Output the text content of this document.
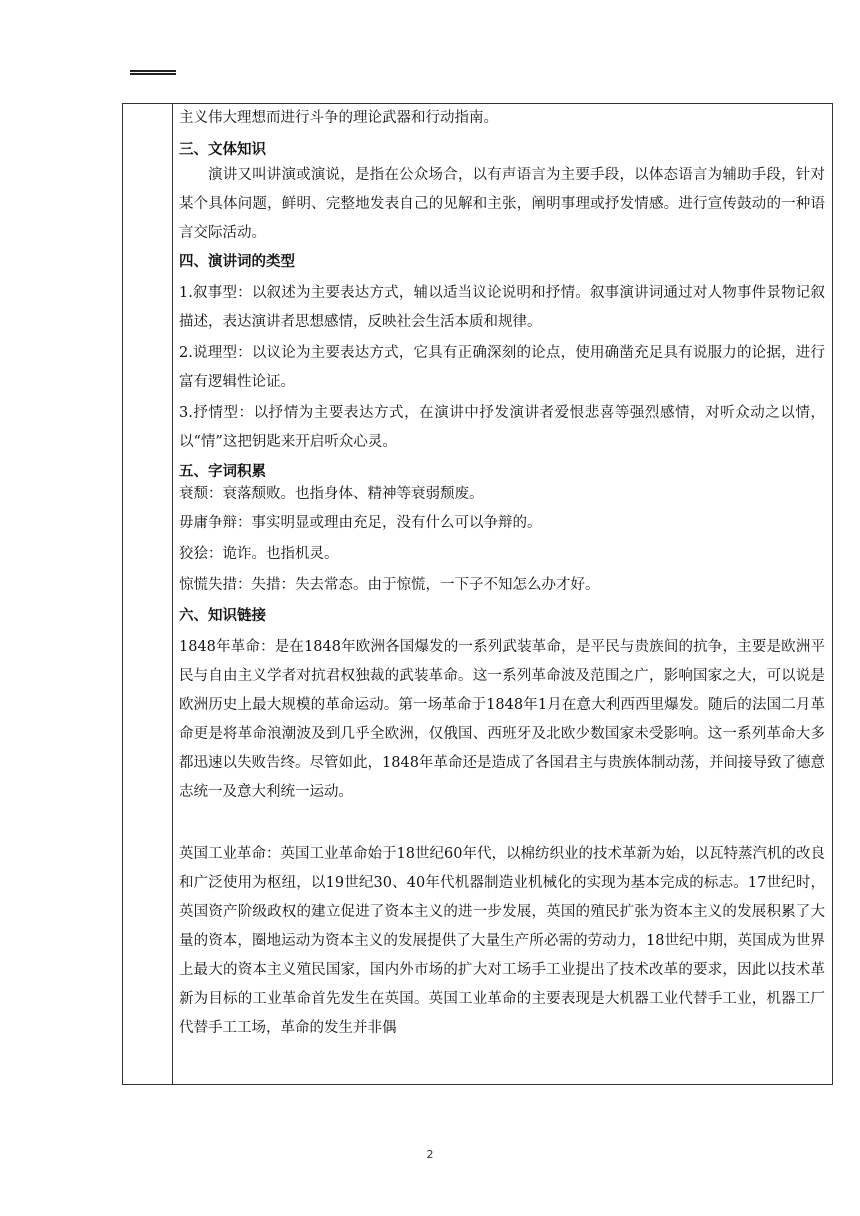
主义伟大理想而进行斗争的理论武器和行动指南。

三、文体知识

演讲又叫讲演或演说，是指在公众场合，以有声语言为主要手段，以体态语言为辅助手段，针对某个具体问题，鲜明、完整地发表自己的见解和主张，阐明事理或抒发情感。进行宣传鼓动的一种语言交际活动。

四、演讲词的类型

1.叙事型：以叙述为主要表达方式，辅以适当议论说明和抒情。叙事演讲词通过对人物事件景物记叙描述，表达演讲者思想感情，反映社会生活本质和规律。

2.说理型：以议论为主要表达方式，它具有正确深刻的论点，使用确凿充足具有说服力的论据，进行富有逻辑性论证。

3.抒情型：以抒情为主要表达方式，在演讲中抒发演讲者爱恨悲喜等强烈感情，对听众动之以情，以“情”这把钥匙来开启听众心灵。

五、字词积累

衰颓：衰落颓败。也指身体、精神等衰弱颓废。

毋庸争辩：事实明显或理由充足，没有什么可以争辩的。

狡狯：诡诈。也指机灵。

惊慌失措：失措：失去常态。由于惊慌，一下子不知怎么办才好。

六、知识链接

1848年革命：是在1848年欧洲各国爆发的一系列武装革命，是平民与贵族间的抗争，主要是欧洲平民与自由主义学者对抗君权独裁的武装革命。这一系列革命波及范围之广，影响国家之大，可以说是欧洲历史上最大规模的革命运动。第一场革命于1848年1月在意大利西西里爆发。随后的法国二月革命更是将革命浪潮波及到几乎全欧洲，仅俄国、西班牙及北欧少数国家未受影响。这一系列革命大多都迅速以失败告终。尽管如此，1848年革命还是造成了各国君主与贵族体制动荡，并间接导致了德意志统一及意大利统一运动。

英国工业革命：英国工业革命始于18世纪60年代，以棉纺织业的技术革新为始，以瓦特蒸汽机的改良和广泛使用为枢纽，以19世纪30、40年代机器制造业机械化的实现为基本完成的标志。17世纪时，英国资产阶级政权的建立促进了资本主义的进一步发展，英国的殖民扩张为资本主义的发展积累了大量的资本，圈地运动为资本主义的发展提供了大量生产所必需的劳动力，18世纪中期，英国成为世界上最大的资本主义殖民国家，国内外市场的扩大对工场手工业提出了技术改革的要求，因此以技术革新为目标的工业革命首先发生在英国。英国工业革命的主要表现是大机器工业代替手工业，机器工厂代替手工工场，革命的发生并非偶

2
